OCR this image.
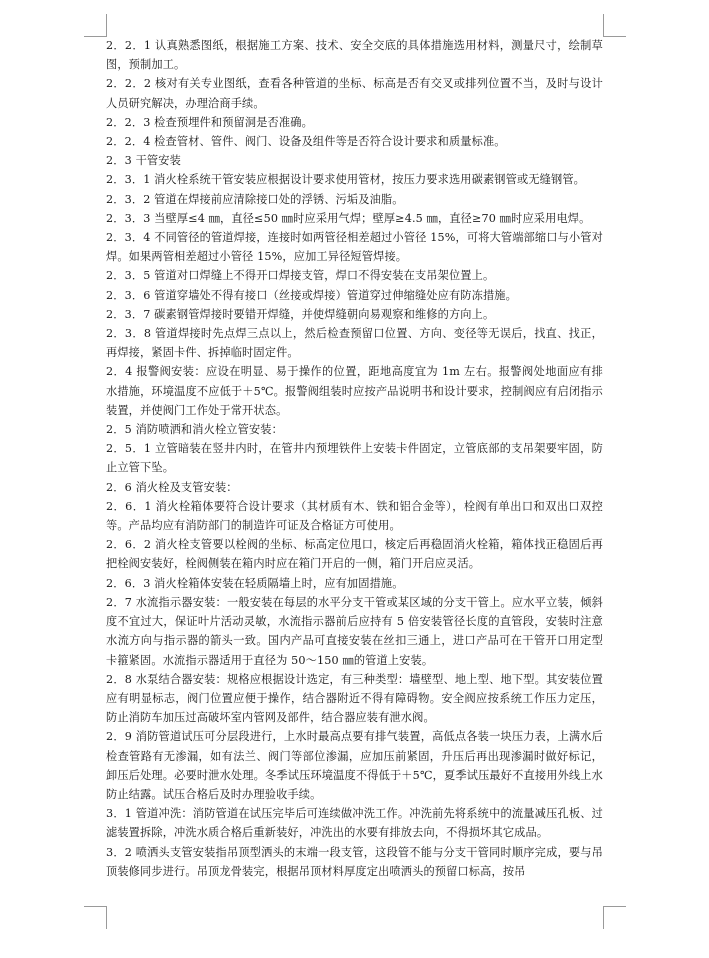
2．2．1 认真熟悉图纸，根据施工方案、技术、安全交底的具体措施选用材料，测量尺寸，绘制草图，预制加工。

2．2．2 核对有关专业图纸，查看各种管道的坐标、标高是否有交叉或排列位置不当，及时与设计人员研究解决，办理洽商手续。

2．2．3 检查预埋件和预留洞是否准确。

2．2．4 检查管材、管件、阀门、设备及组件等是否符合设计要求和质量标准。

2．3 干管安装

2．3．1 消火栓系统干管安装应根据设计要求使用管材，按压力要求选用碳素钢管或无缝钢管。

2．3．2 管道在焊接前应清除接口处的浮锈、污垢及油脂。

2．3．3 当壁厚≤4 ㎜，直径≤50 ㎜时应采用气焊；壁厚≥4.5 ㎜，直径≥70 ㎜时应采用电焊。

2．3．4 不同管径的管道焊接，连接时如两管径相差超过小管径 15%，可将大管端部缩口与小管对焊。如果两管相差超过小管径 15%，应加工异径短管焊接。

2．3．5 管道对口焊缝上不得开口焊接支管，焊口不得安装在支吊架位置上。

2．3．6 管道穿墙处不得有接口（丝接或焊接）管道穿过伸缩缝处应有防冻措施。

2．3．7 碳素钢管焊接时要错开焊缝，并使焊缝朝向易观察和维修的方向上。

2．3．8 管道焊接时先点焊三点以上，然后检查预留口位置、方向、变径等无误后，找直、找正，再焊接，紧固卡件、拆掉临时固定件。

2．4 报警阀安装：应设在明显、易于操作的位置，距地高度宜为 1m 左右。报警阀处地面应有排水措施，环境温度不应低于＋5℃。报警阀组装时应按产品说明书和设计要求，控制阀应有启闭指示装置，并使阀门工作处于常开状态。

2．5 消防喷洒和消火栓立管安装：

2．5．1 立管暗装在竖井内时，在管井内预埋铁件上安装卡件固定，立管底部的支吊架要牢固，防止立管下坠。

2．6 消火栓及支管安装：

2．6．1 消火栓箱体要符合设计要求（其材质有木、铁和铝合金等），栓阀有单出口和双出口双控等。产品均应有消防部门的制造许可证及合格证方可使用。

2．6．2 消火栓支管要以栓阀的坐标、标高定位甩口，核定后再稳固消火栓箱，箱体找正稳固后再把栓阀安装好，栓阀侧装在箱内时应在箱门开启的一侧，箱门开启应灵活。

2．6．3 消火栓箱体安装在轻质隔墙上时，应有加固措施。

2．7 水流指示器安装：一般安装在每层的水平分支干管或某区域的分支干管上。应水平立装，倾斜度不宜过大，保证叶片活动灵敏，水流指示器前后应持有 5 倍安装管径长度的直管段，安装时注意水流方向与指示器的箭头一致。国内产品可直接安装在丝扣三通上，进口产品可在干管开口用定型卡箍紧固。水流指示器适用于直径为 50～150 ㎜的管道上安装。

2．8 水泵结合器安装：规格应根据设计选定，有三种类型：墙壁型、地上型、地下型。其安装位置应有明显标志，阀门位置应便于操作，结合器附近不得有障碍物。安全阀应按系统工作压力定压，防止消防车加压过高破坏室内管网及部件，结合器应装有泄水阀。

2．9 消防管道试压可分层段进行，上水时最高点要有排气装置，高低点各装一块压力表，上满水后检查管路有无渗漏，如有法兰、阀门等部位渗漏，应加压前紧固，升压后再出现渗漏时做好标记，卸压后处理。必要时泄水处理。冬季试压环境温度不得低于＋5℃，夏季试压最好不直接用外线上水防止结露。试压合格后及时办理验收手续。

3．1 管道冲洗：消防管道在试压完毕后可连续做冲洗工作。冲洗前先将系统中的流量减压孔板、过滤装置拆除，冲洗水质合格后重新装好，冲洗出的水要有排放去向，不得损坏其它成品。

3．2 喷洒头支管安装指吊顶型洒头的末端一段支管，这段管不能与分支干管同时顺序完成，要与吊顶装修同步进行。吊顶龙骨装完，根据吊顶材料厚度定出喷洒头的预留口标高，按吊
